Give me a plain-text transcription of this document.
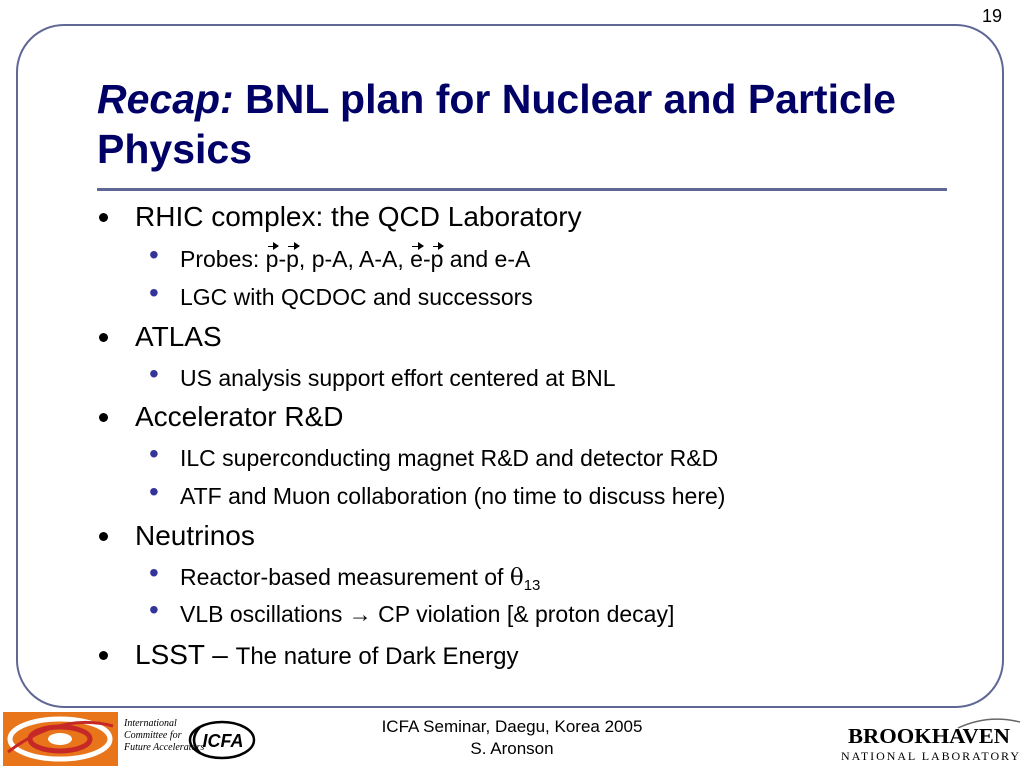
19
Recap: BNL plan for Nuclear and Particle Physics
RHIC complex: the QCD Laboratory
• Probes: p-p, p-A, A-A, e-p and e-A
• LGC with QCDOC and successors
ATLAS
• US analysis support effort centered at BNL
Accelerator R&D
• ILC superconducting magnet R&D and detector R&D
• ATF and Muon collaboration (no time to discuss here)
Neutrinos
• Reactor-based measurement of $\theta_{13}$
• VLB oscillations → CP violation [& proton decay]
LSST – The nature of Dark Energy
International
Committee for
Future Accelerators
ICFA
ICFA Seminar, Daegu, Korea 2005
S. Aronson
BROOKHAVEN
NATIONAL LABORATORY
